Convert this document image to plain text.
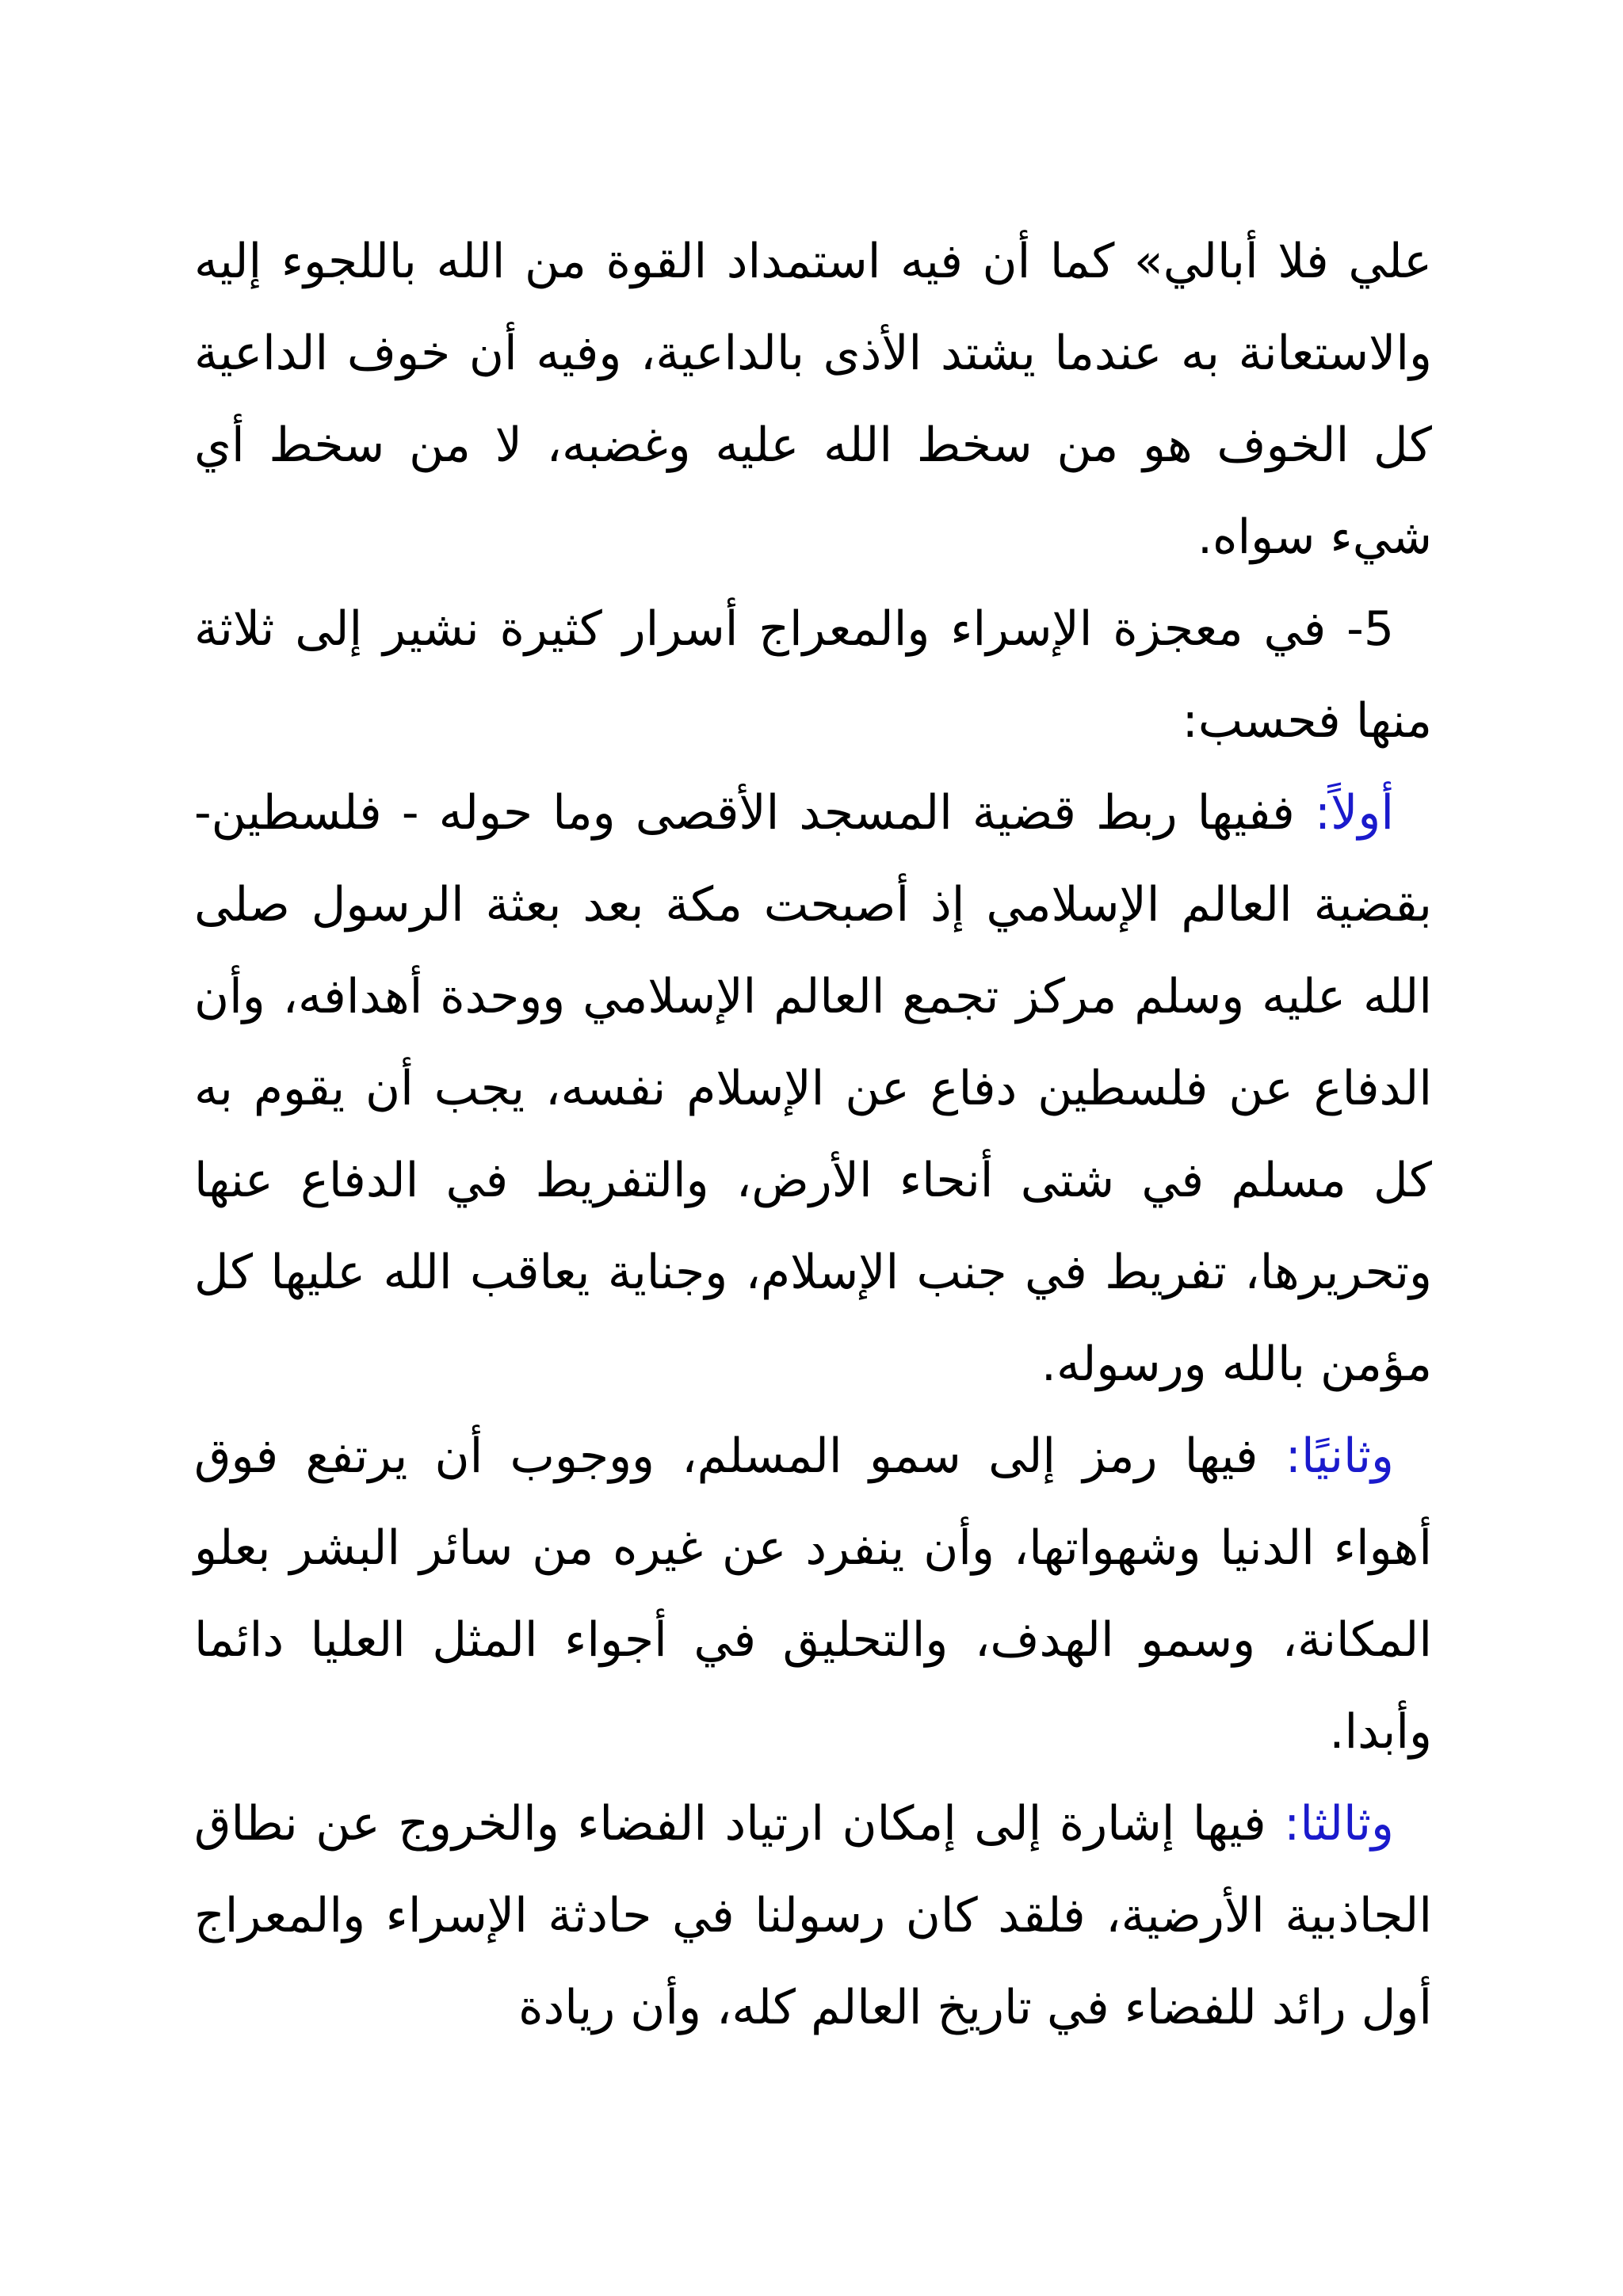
علي فلا أبالي» كما أن فيه استمداد القوة من الله باللجوء إليه والاستعانة به عندما يشتد الأذى بالداعية، وفيه أن خوف الداعية كل الخوف هو من سخط الله عليه وغضبه، لا من سخط أي شيء سواه.

5- في معجزة الإسراء والمعراج أسرار كثيرة نشير إلى ثلاثة منها فحسب:

أولاً: ففيها ربط قضية المسجد الأقصى وما حوله - فلسطين- بقضية العالم الإسلامي إذ أصبحت مكة بعد بعثة الرسول صلى الله عليه وسلم مركز تجمع العالم الإسلامي ووحدة أهدافه، وأن الدفاع عن فلسطين دفاع عن الإسلام نفسه، يجب أن يقوم به كل مسلم في شتى أنحاء الأرض، والتفريط في الدفاع عنها وتحريرها، تفريط في جنب الإسلام، وجناية يعاقب الله عليها كل مؤمن بالله ورسوله.

وثانيًا: فيها رمز إلى سمو المسلم، ووجوب أن يرتفع فوق أهواء الدنيا وشهواتها، وأن ينفرد عن غيره من سائر البشر بعلو المكانة، وسمو الهدف، والتحليق في أجواء المثل العليا دائما وأبدا.

وثالثا: فيها إشارة إلى إمكان ارتياد الفضاء والخروج عن نطاق الجاذبية الأرضية، فلقد كان رسولنا في حادثة الإسراء والمعراج أول رائد للفضاء في تاريخ العالم كله، وأن ريادة
